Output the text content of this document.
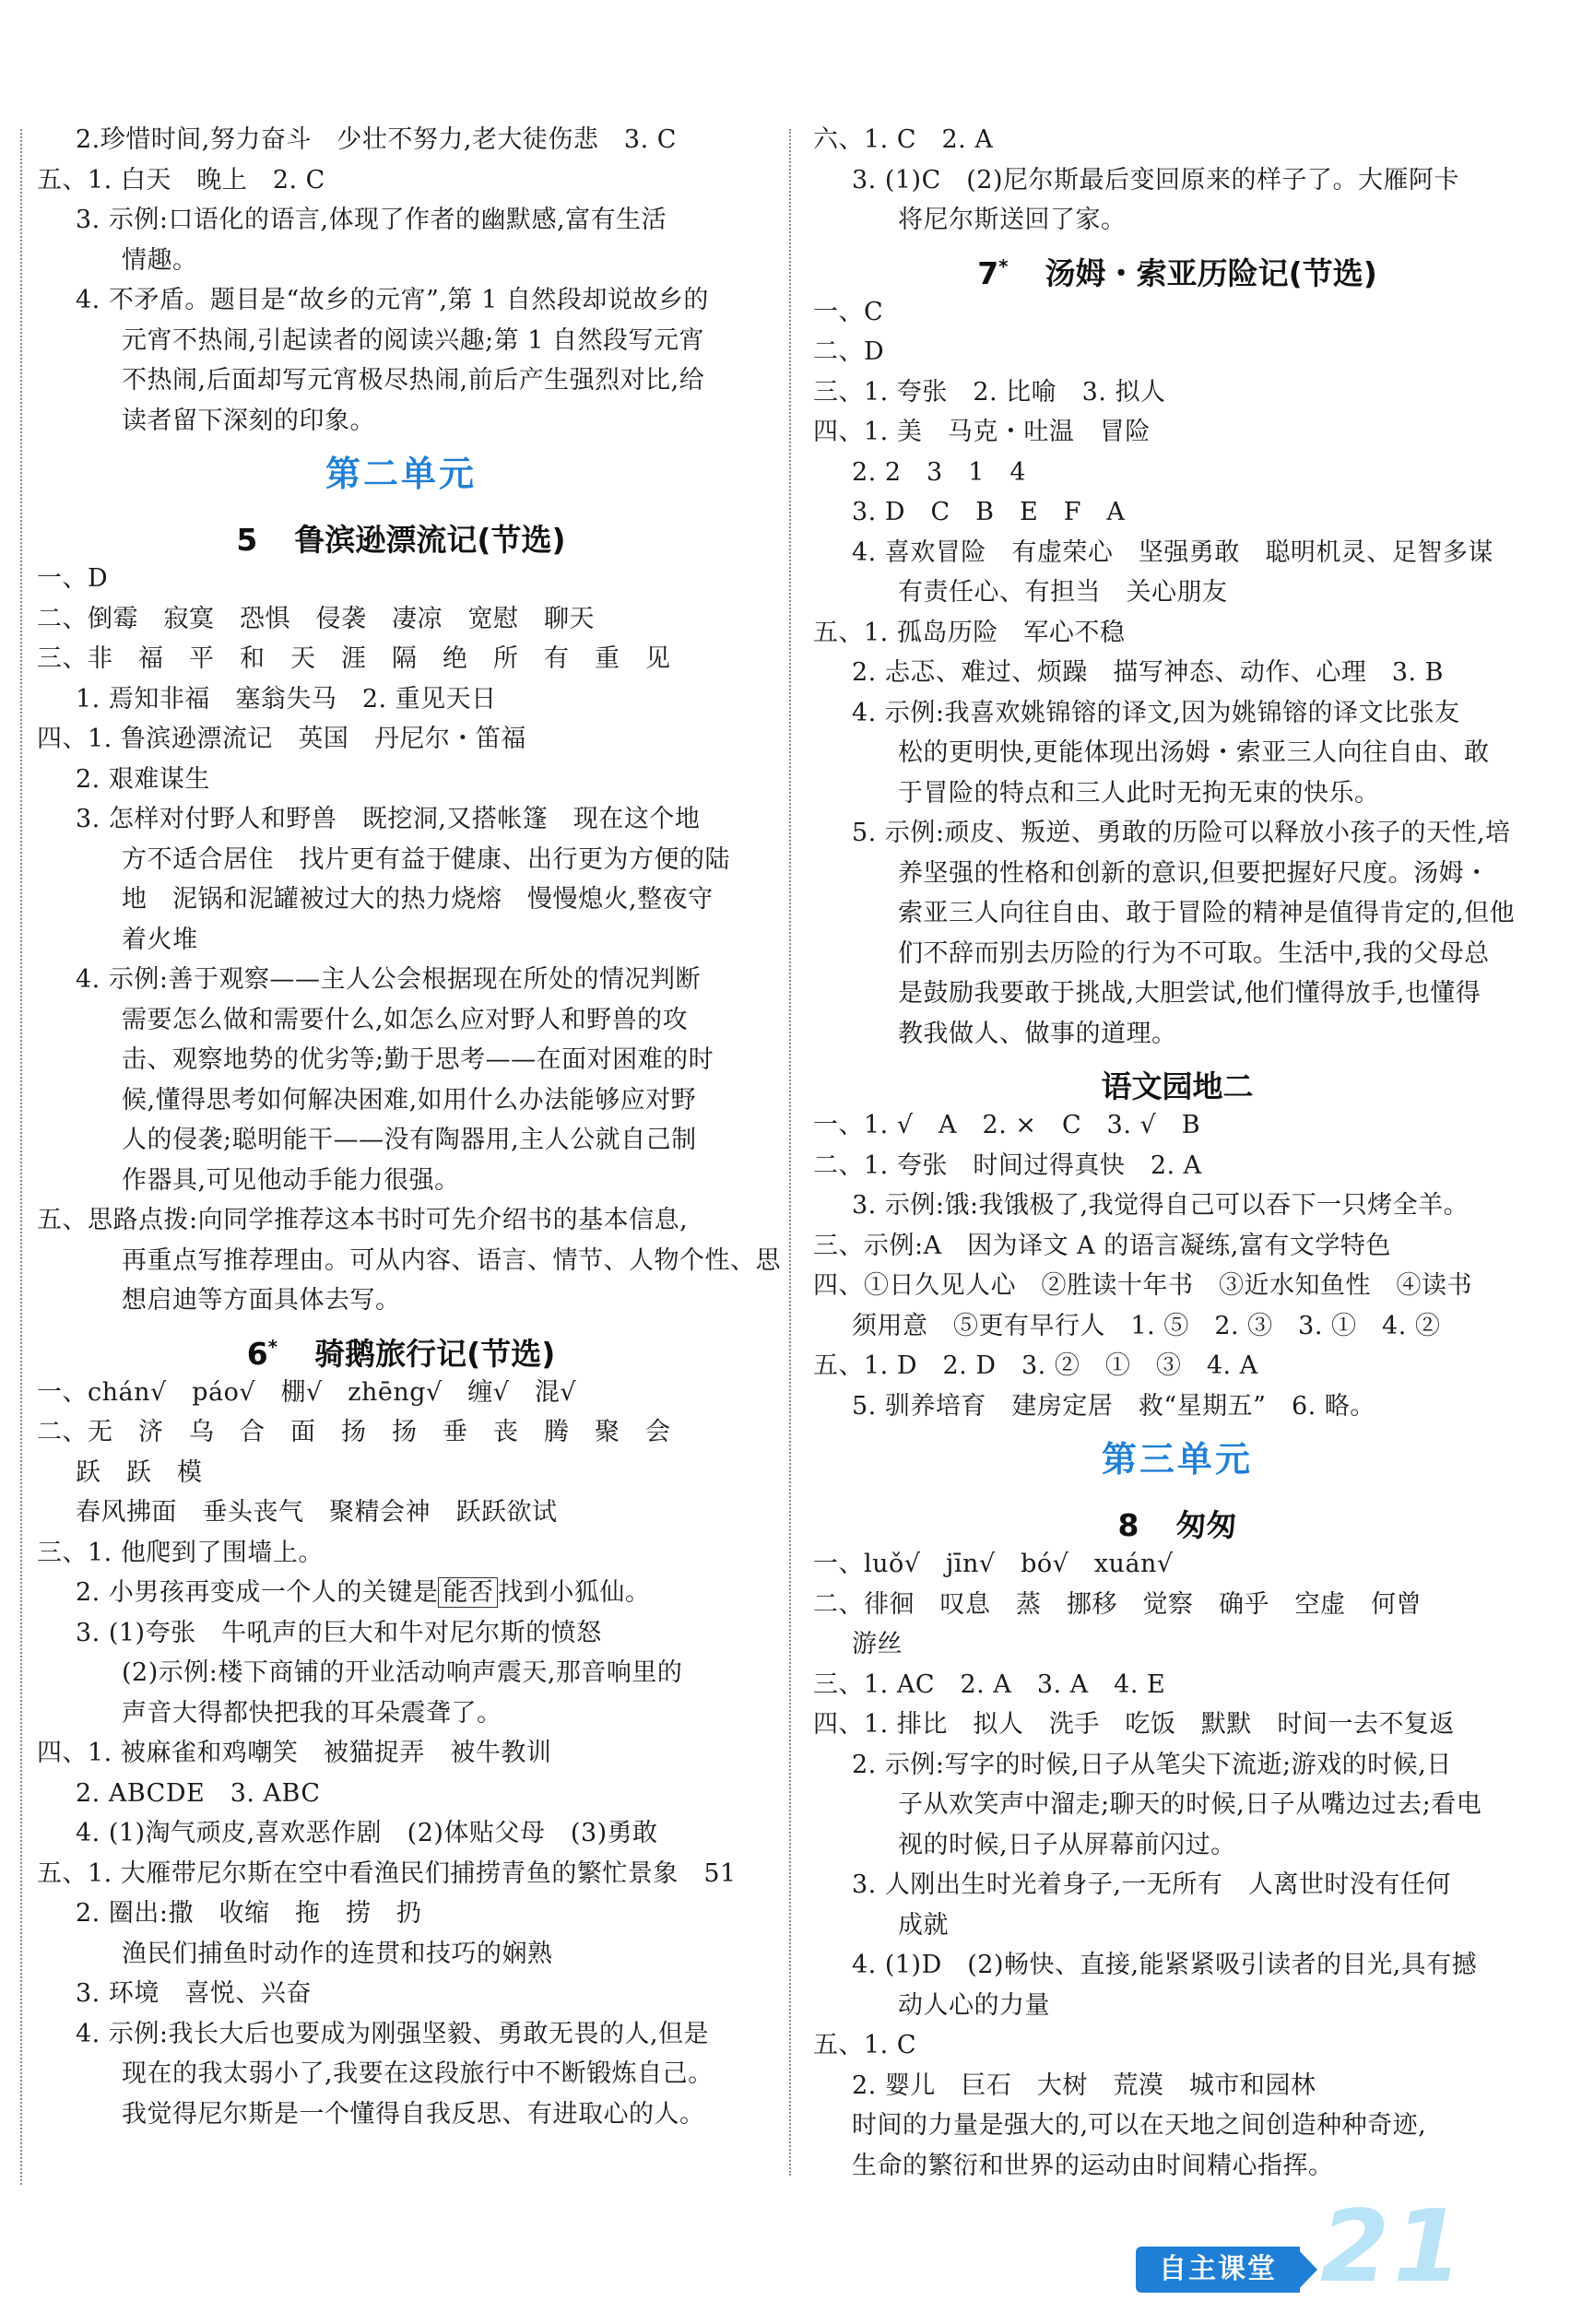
2.珍惜时间,努力奋斗　少壮不努力,老大徒伤悲　3. C
五、1. 白天　晚上　2. C
3. 示例:口语化的语言,体现了作者的幽默感,富有生活
情趣。
4. 不矛盾。题目是“故乡的元宵”,第 1 自然段却说故乡的
元宵不热闹,引起读者的阅读兴趣;第 1 自然段写元宵
不热闹,后面却写元宵极尽热闹,前后产生强烈对比,给
读者留下深刻的印象。
第二单元
5 鲁滨逊漂流记(节选)
一、D
二、倒霉　寂寞　恐惧　侵袭　凄凉　宽慰　聊天
三、非　福　平　和　天　涯　隔　绝　所　有　重　见
1. 焉知非福　塞翁失马　2. 重见天日
四、1. 鲁滨逊漂流记　英国　丹尼尔・笛福
2. 艰难谋生
3. 怎样对付野人和野兽　既挖洞,又搭帐篷　现在这个地
方不适合居住　找片更有益于健康、出行更为方便的陆
地　泥锅和泥罐被过大的热力烧熔　慢慢熄火,整夜守
着火堆
4. 示例:善于观察——主人公会根据现在所处的情况判断
需要怎么做和需要什么,如怎么应对野人和野兽的攻
击、观察地势的优劣等;勤于思考——在面对困难的时
候,懂得思考如何解决困难,如用什么办法能够应对野
人的侵袭;聪明能干——没有陶器用,主人公就自己制
作器具,可见他动手能力很强。
五、思路点拨:向同学推荐这本书时可先介绍书的基本信息,
再重点写推荐理由。可从内容、语言、情节、人物个性、思
想启迪等方面具体去写。
6* 骑鹅旅行记(节选)
一、chán√　páo√　棚√　zhēng√　缠√　混√
二、无　济　乌　合　面　扬　扬　垂　丧　腾　聚　会
跃　跃　模
春风拂面　垂头丧气　聚精会神　跃跃欲试
三、1. 他爬到了围墙上。
2. 小男孩再变成一个人的关键是 能否 找到小狐仙。
3. (1)夸张　牛吼声的巨大和牛对尼尔斯的愤怒
(2)示例:楼下商铺的开业活动响声震天,那音响里的
声音大得都快把我的耳朵震聋了。
四、1. 被麻雀和鸡嘲笑　被猫捉弄　被牛教训
2. ABCDE　3. ABC
4. (1)淘气顽皮,喜欢恶作剧　(2)体贴父母　(3)勇敢
五、1. 大雁带尼尔斯在空中看渔民们捕捞青鱼的繁忙景象　51
2. 圈出:撒　收缩　拖　捞　扔
渔民们捕鱼时动作的连贯和技巧的娴熟
3. 环境　喜悦、兴奋
4. 示例:我长大后也要成为刚强坚毅、勇敢无畏的人,但是
现在的我太弱小了,我要在这段旅行中不断锻炼自己。
我觉得尼尔斯是一个懂得自我反思、有进取心的人。
六、1. C　2. A
3. (1)C　(2)尼尔斯最后变回原来的样子了。大雁阿卡
将尼尔斯送回了家。
7* 汤姆・索亚历险记(节选)
一、C
二、D
三、1. 夸张　2. 比喻　3. 拟人
四、1. 美　马克・吐温　冒险
2. 2　3　1　4
3. D　C　B　E　F　A
4. 喜欢冒险　有虚荣心　坚强勇敢　聪明机灵、足智多谋
有责任心、有担当　关心朋友
五、1. 孤岛历险　军心不稳
2. 忐忑、难过、烦躁　描写神态、动作、心理　3. B
4. 示例:我喜欢姚锦镕的译文,因为姚锦镕的译文比张友
松的更明快,更能体现出汤姆・索亚三人向往自由、敢
于冒险的特点和三人此时无拘无束的快乐。
5. 示例:顽皮、叛逆、勇敢的历险可以释放小孩子的天性,培
养坚强的性格和创新的意识,但要把握好尺度。汤姆・
索亚三人向往自由、敢于冒险的精神是值得肯定的,但他
们不辞而别去历险的行为不可取。生活中,我的父母总
是鼓励我要敢于挑战,大胆尝试,他们懂得放手,也懂得
教我做人、做事的道理。
语文园地二
一、1. √　A　2. ×　C　3. √　B
二、1. 夸张　时间过得真快　2. A
3. 示例:饿:我饿极了,我觉得自己可以吞下一只烤全羊。
三、示例:A　因为译文 A 的语言凝练,富有文学特色
四、①日久见人心　②胜读十年书　③近水知鱼性　④读书
须用意　⑤更有早行人　1. ⑤　2. ③　3. ①　4. ②
五、1. D　2. D　3. ②　①　③　4. A
5. 驯养培育　建房定居　救“星期五”　6. 略。
第三单元
8 匆匆
一、luǒ√　jīn√　bó√　xuán√
二、徘徊　叹息　蒸　挪移　觉察　确乎　空虚　何曾
游丝
三、1. AC　2. A　3. A　4. E
四、1. 排比　拟人　洗手　吃饭　默默　时间一去不复返
2. 示例:写字的时候,日子从笔尖下流逝;游戏的时候,日
子从欢笑声中溜走;聊天的时候,日子从嘴边过去;看电
视的时候,日子从屏幕前闪过。
3. 人刚出生时光着身子,一无所有　人离世时没有任何
成就
4. (1)D　(2)畅快、直接,能紧紧吸引读者的目光,具有撼
动人心的力量
五、1. C
2. 婴儿　巨石　大树　荒漠　城市和园林
时间的力量是强大的,可以在天地之间创造种种奇迹,
生命的繁衍和世界的运动由时间精心指挥。
自主课堂 21
